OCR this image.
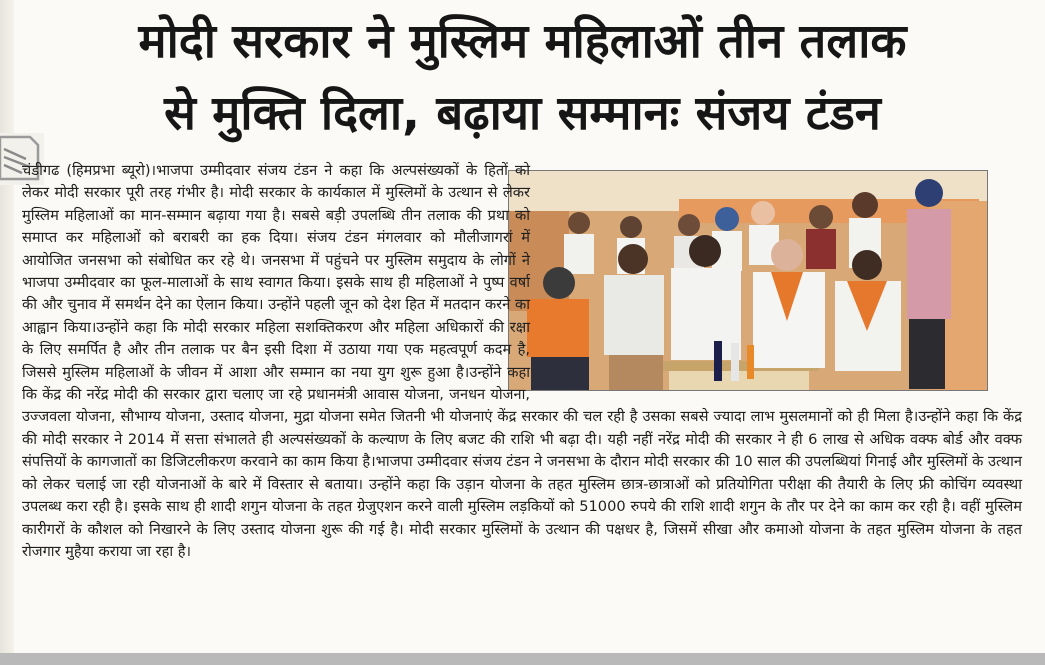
मोदी सरकार ने मुस्लिम महिलाओं तीन तलाक
से मुक्ति दिला, बढ़ाया सम्मानः संजय टंडन
चंडीगढ (हिमप्रभा ब्यूरो)।भाजपा उम्मीदवार संजय टंडन ने कहा कि अल्पसंख्यकों के हितों को लेकर मोदी सरकार पूरी तरह गंभीर है। मोदी सरकार के कार्यकाल में मुस्लिमों के उत्थान से लेकर मुस्लिम महिलाओं का मान-सम्मान बढ़ाया गया है। सबसे बड़ी उपलब्धि तीन तलाक की प्रथा को समाप्त कर महिलाओं को बराबरी का हक दिया। संजय टंडन मंगलवार को मौलीजागरां में आयोजित जनसभा को संबोधित कर रहे थे। जनसभा में पहुंचने पर मुस्लिम समुदाय के लोगों ने भाजपा उम्मीदवार का फूल-मालाओं के साथ स्वागत किया। इसके साथ ही महिलाओं ने पुष्प वर्षा की और चुनाव में समर्थन देने का ऐलान किया। उन्होंने पहली जून को देश हित में मतदान करने का आह्वान किया।उन्होंने कहा कि मोदी सरकार महिला सशक्तिकरण और महिला अधिकारों की रक्षा के लिए समर्पित है और तीन तलाक पर बैन इसी दिशा में उठाया गया एक महत्वपूर्ण कदम है, जिससे मुस्लिम महिलाओं के जीवन में आशा और सम्मान का नया युग शुरू हुआ है।उन्होंने कहा कि केंद्र की नरेंद्र मोदी की सरकार द्वारा चलाए जा रहे प्रधानमंत्री आवास योजना, जनधन योजना, उज्जवला योजना, सौभाग्य योजना, उस्ताद योजना, मुद्रा योजना समेत जितनी भी योजनाएं केंद्र सरकार की चल रही है उसका सबसे ज्यादा लाभ मुसलमानों को ही मिला है।उन्होंने कहा कि केंद्र की मोदी सरकार ने 2014 में सत्ता संभालते ही अल्पसंख्यकों के कल्याण के लिए बजट की राशि भी बढ़ा दी। यही नहीं नरेंद्र मोदी की सरकार ने ही 6 लाख से अधिक वक्फ बोर्ड और वक्फ संपत्तियों के कागजातों का डिजिटलीकरण करवाने का काम किया है।भाजपा उम्मीदवार संजय टंडन ने जनसभा के दौरान मोदी सरकार की 10 साल की उपलब्धियां गिनाई और मुस्लिमों के उत्थान को लेकर चलाई जा रही योजनाओं के बारे में विस्तार से बताया। उन्होंने कहा कि उड़ान योजना के तहत मुस्लिम छात्र-छात्राओं को प्रतियोगिता परीक्षा की तैयारी के लिए फ्री कोचिंग व्यवस्था उपलब्ध करा रही है। इसके साथ ही शादी शगुन योजना के तहत ग्रेजुएशन करने वाली मुस्लिम लड़कियों को 51000 रुपये की राशि शादी शगुन के तौर पर देने का काम कर रही है। वहीं मुस्लिम कारीगरों के कौशल को निखारने के लिए उस्ताद योजना शुरू की गई है। मोदी सरकार मुस्लिमों के उत्थान की पक्षधर है, जिसमें सीखा और कमाओ योजना के तहत मुस्लिम योजना के तहत रोजगार मुहैया कराया जा रहा है।
